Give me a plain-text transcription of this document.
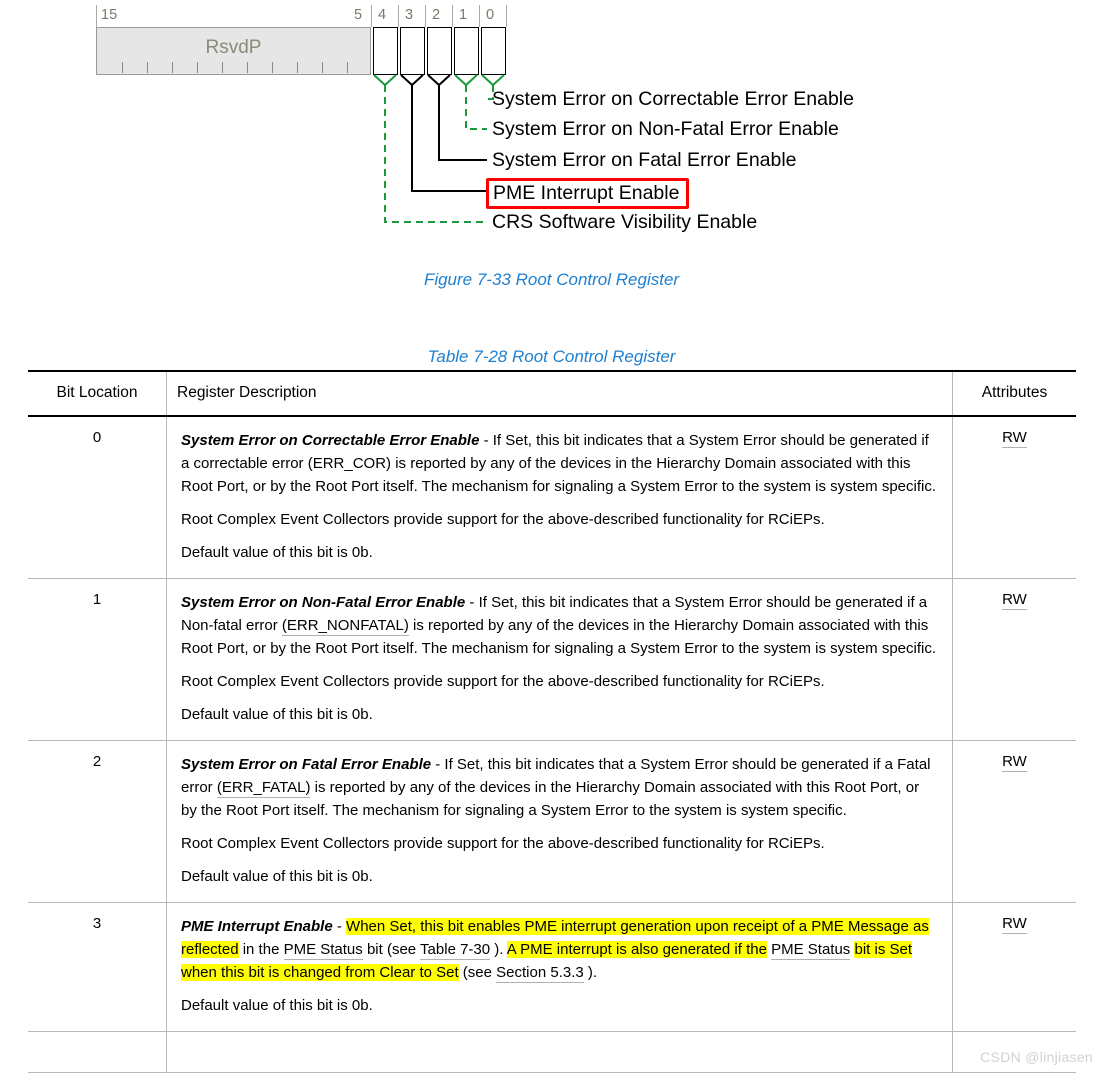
15	5 4 3 2 1 0
RsvdP
System Error on Correctable Error Enable
System Error on Non-Fatal Error Enable
System Error on Fatal Error Enable
PME Interrupt Enable
CRS Software Visibility Enable
Figure 7-33 Root Control Register
Table 7-28 Root Control Register
Bit Location	Register Description	Attributes
0	System Error on Correctable Error Enable - If Set, this bit indicates that a System Error should be generated if a correctable error (ERR_COR) is reported by any of the devices in the Hierarchy Domain associated with this Root Port, or by the Root Port itself. The mechanism for signaling a System Error to the system is system specific.

Root Complex Event Collectors provide support for the above-described functionality for RCiEPs.

Default value of this bit is 0b.	RW
1	System Error on Non-Fatal Error Enable - If Set, this bit indicates that a System Error should be generated if a Non-fatal error (ERR_NONFATAL) is reported by any of the devices in the Hierarchy Domain associated with this Root Port, or by the Root Port itself. The mechanism for signaling a System Error to the system is system specific.

Root Complex Event Collectors provide support for the above-described functionality for RCiEPs.

Default value of this bit is 0b.	RW
2	System Error on Fatal Error Enable - If Set, this bit indicates that a System Error should be generated if a Fatal error (ERR_FATAL) is reported by any of the devices in the Hierarchy Domain associated with this Root Port, or by the Root Port itself. The mechanism for signaling a System Error to the system is system specific.

Root Complex Event Collectors provide support for the above-described functionality for RCiEPs.

Default value of this bit is 0b.	RW
3	PME Interrupt Enable - When Set, this bit enables PME interrupt generation upon receipt of a PME Message as reflected in the PME Status bit (see Table 7-30 ). A PME interrupt is also generated if the PME Status bit is Set when this bit is changed from Clear to Set (see Section 5.3.3 ).

Default value of this bit is 0b.	RW

CSDN @linjiasen
